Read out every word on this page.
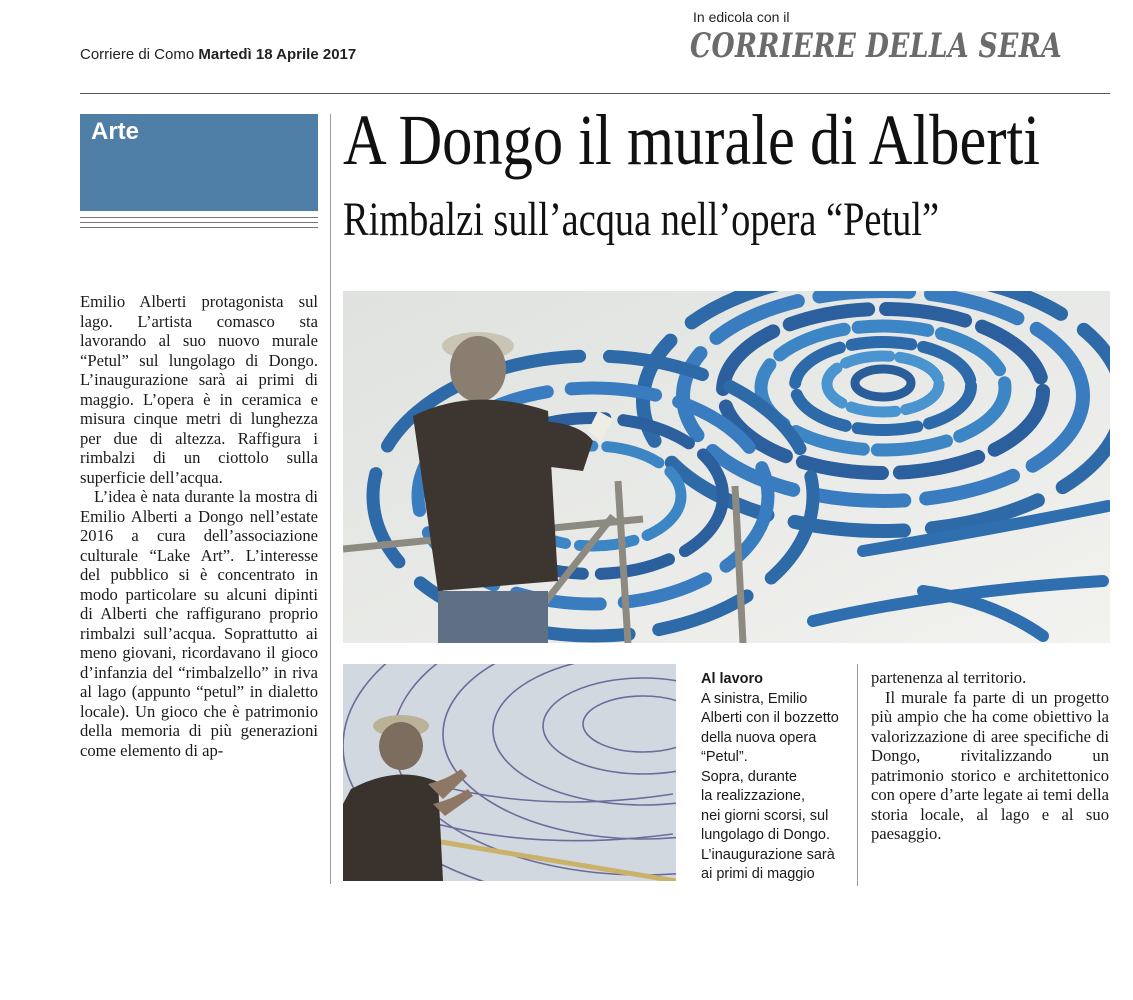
Corriere di Como Martedì 18 Aprile 2017
In edicola con il
CORRIERE DELLA SERA
Arte	A Dongo il murale di Alberti
Rimbalzi sull’acqua nell’opera “Petul”

Emilio Alberti protagonista sul lago. L’artista comasco sta lavorando al suo nuovo murale “Petul” sul lungolago di Dongo. L’inaugurazione sarà ai primi di maggio. L’opera è in ceramica e misura cinque metri di lunghezza per due di altezza. Raffigura i rimbalzi di un ciottolo sulla superficie dell’acqua.

L’idea è nata durante la mostra di Emilio Alberti a Dongo nell’estate 2016 a cura dell’associazione culturale “Lake Art”. L’interesse del pubblico si è concentrato in modo particolare su alcuni dipinti di Alberti che raffigurano proprio rimbalzi sull’acqua. Soprattutto ai meno giovani, ricordavano il gioco d’infanzia del “rimbalzello” in riva al lago (appunto “petul” in dialetto locale). Un gioco che è patrimonio della memoria di più generazioni come elemento di ap-

Al lavoro
A sinistra, Emilio
Alberti con il bozzetto
della nuova opera
“Petul”.
Sopra, durante
la realizzazione,
nei giorni scorsi, sul
lungolago di Dongo.
L’inaugurazione sarà
ai primi di maggio

partenenza al territorio.

Il murale fa parte di un progetto più ampio che ha come obiettivo la valorizzazione di aree specifiche di Dongo, rivitalizzando un patrimonio storico e architettonico con opere d’arte legate ai temi della storia locale, al lago e al suo paesaggio.
